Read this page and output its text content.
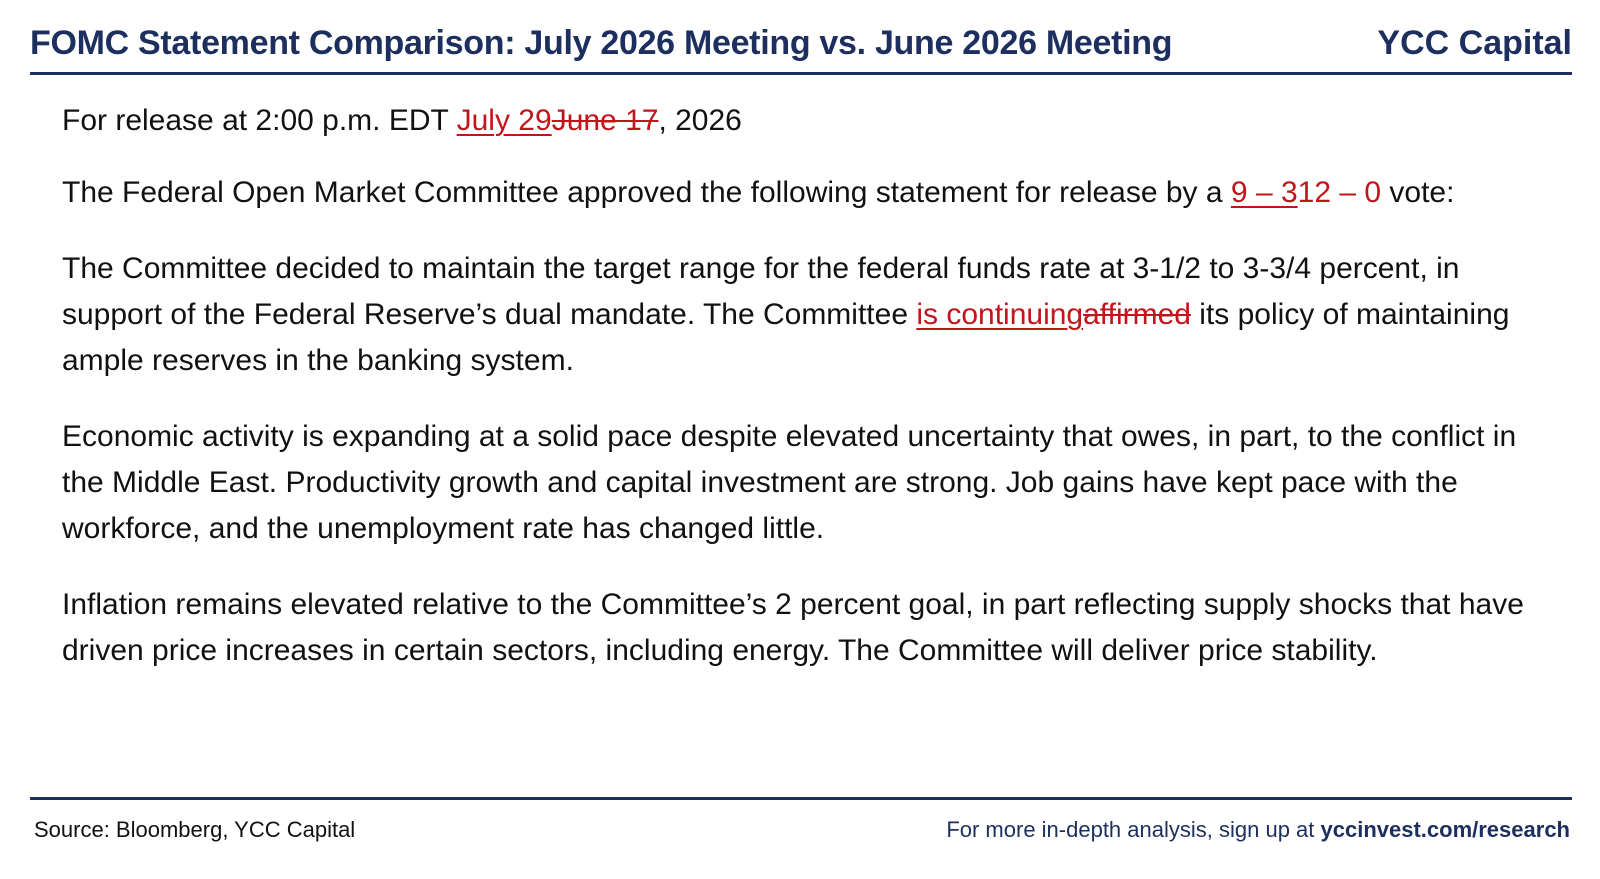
FOMC Statement Comparison: July 2026 Meeting vs. June 2026 Meeting	YCC Capital

For release at 2:00 p.m. EDT July 29June 17, 2026

The Federal Open Market Committee approved the following statement for release by a 9 – 312 – 0 vote:

The Committee decided to maintain the target range for the federal funds rate at 3-1/2 to 3-3/4 percent, in support of the Federal Reserve’s dual mandate. The Committee is continuingaffirmed its policy of maintaining ample reserves in the banking system.

Economic activity is expanding at a solid pace despite elevated uncertainty that owes, in part, to the conflict in the Middle East. Productivity growth and capital investment are strong. Job gains have kept pace with the workforce, and the unemployment rate has changed little.

Inflation remains elevated relative to the Committee’s 2 percent goal, in part reflecting supply shocks that have driven price increases in certain sectors, including energy. The Committee will deliver price stability.

Source: Bloomberg, YCC Capital	For more in-depth analysis, sign up at yccinvest.com/research
